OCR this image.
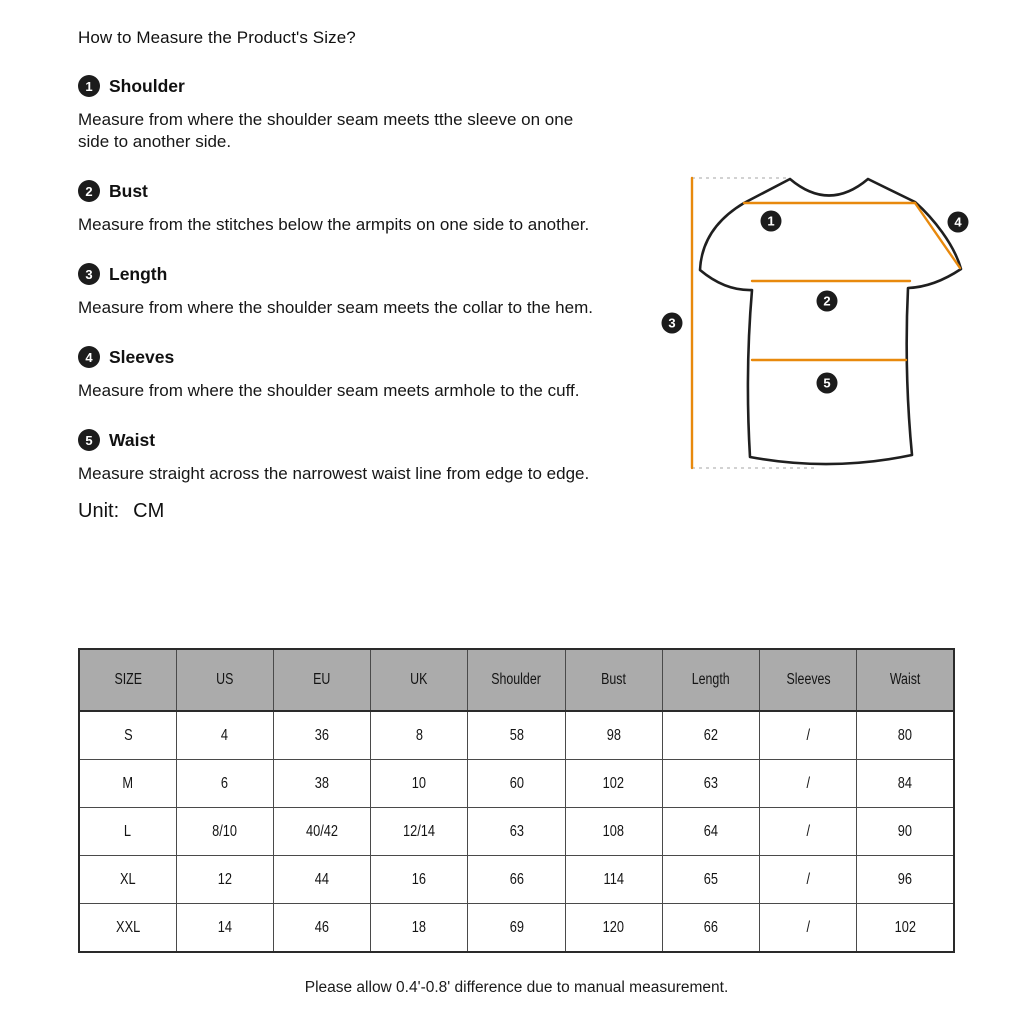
How to Measure the Product's Size?
1 Shoulder

Measure from where the shoulder seam meets tthe sleeve on one side to another side.

2 Bust

Measure from the stitches below the armpits on one side to another.

3 Length

Measure from where the shoulder seam meets the collar to the hem.

4 Sleeves

Measure from where the shoulder seam meets armhole to the cuff.

5 Waist

Measure straight across the narrowest waist line from edge to edge.

Unit: CM
1
2
3
4
5
SIZE	US	EU	UK	Shoulder	Bust	Length	Sleeves	Waist
S	4	36	8	58	98	62	/	80
M	6	38	10	60	102	63	/	84
L	8/10	40/42	12/14	63	108	64	/	90
XL	12	44	16	66	114	65	/	96
XXL	14	46	18	69	120	66	/	102
Please allow 0.4'-0.8' difference due to manual measurement.
